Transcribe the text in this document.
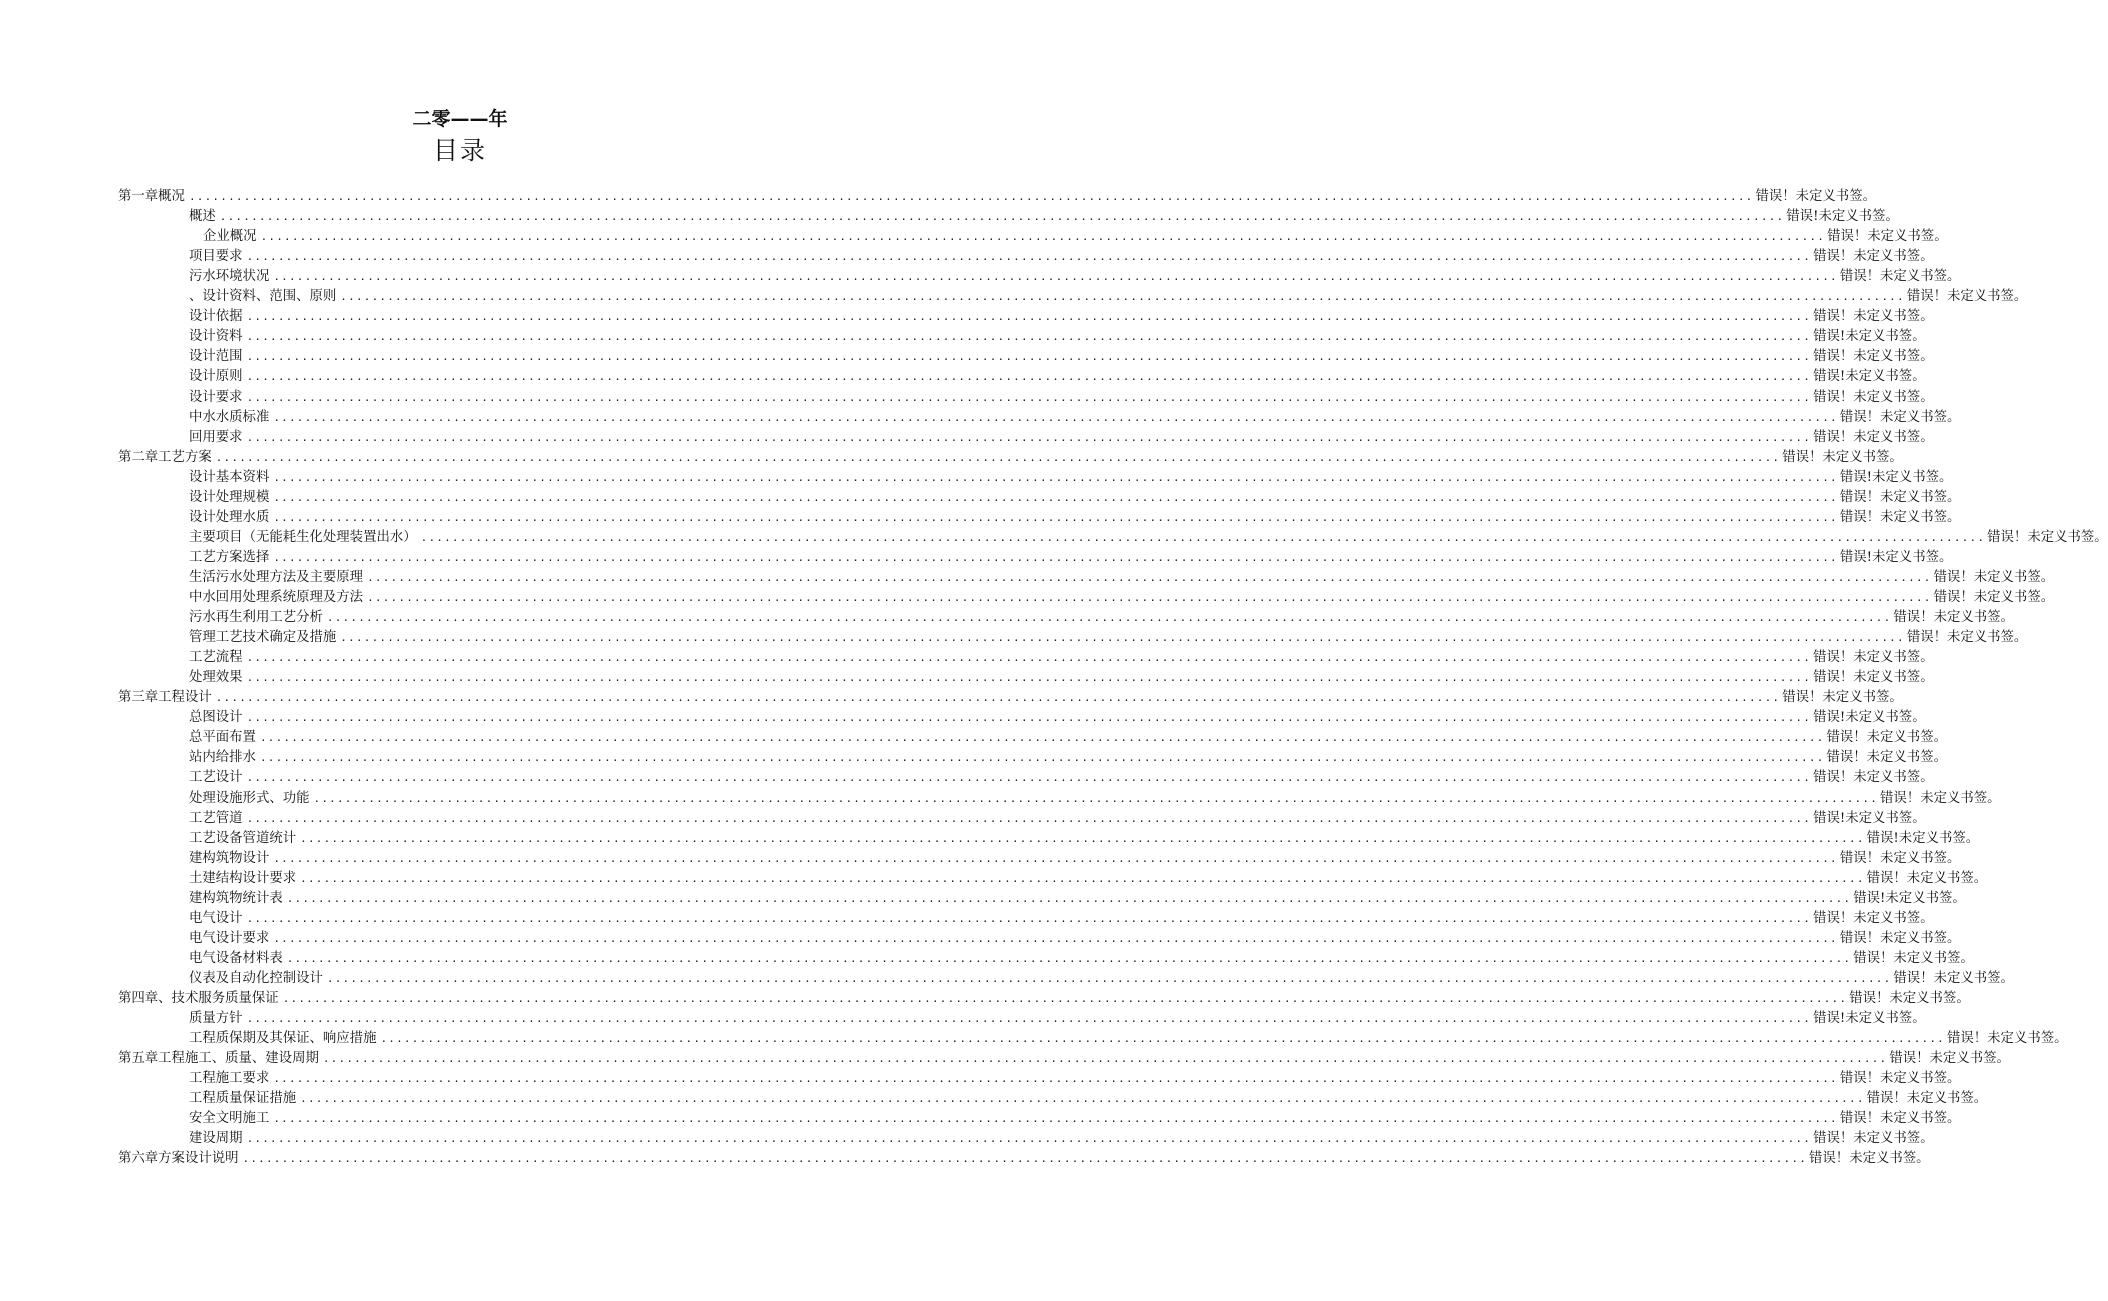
二零——年
目录
第一章概况 ........................................................................................................................................................................................................ 错误！未定义书签。
概述 ........................................................................................................................................................................................................ 错误!未定义书签。
企业概况 ........................................................................................................................................................................................................ 错误！未定义书签。
项目要求 ........................................................................................................................................................................................................ 错误！未定义书签。
污水环境状况 ........................................................................................................................................................................................................ 错误！未定义书签。
、设计资料、范围、原则 ........................................................................................................................................................................................................ 错误！未定义书签。
设计依据 ........................................................................................................................................................................................................ 错误！未定义书签。
设计资料 ........................................................................................................................................................................................................ 错误!未定义书签。
设计范围 ........................................................................................................................................................................................................ 错误！未定义书签。
设计原则 ........................................................................................................................................................................................................ 错误!未定义书签。
设计要求 ........................................................................................................................................................................................................ 错误！未定义书签。
中水水质标准 ........................................................................................................................................................................................................ 错误！未定义书签。
回用要求 ........................................................................................................................................................................................................ 错误！未定义书签。
第二章工艺方案 ........................................................................................................................................................................................................ 错误！未定义书签。
设计基本资料 ........................................................................................................................................................................................................ 错误!未定义书签。
设计处理规模 ........................................................................................................................................................................................................ 错误！未定义书签。
设计处理水质 ........................................................................................................................................................................................................ 错误！未定义书签。
主要项目（无能耗生化处理装置出水） ........................................................................................................................................................................................................ 错误！未定义书签。
工艺方案选择 ........................................................................................................................................................................................................ 错误!未定义书签。
生活污水处理方法及主要原理 ........................................................................................................................................................................................................ 错误！未定义书签。
中水回用处理系统原理及方法 ........................................................................................................................................................................................................ 错误！未定义书签。
污水再生利用工艺分析 ........................................................................................................................................................................................................ 错误！未定义书签。
管理工艺技术确定及措施 ........................................................................................................................................................................................................ 错误！未定义书签。
工艺流程 ........................................................................................................................................................................................................ 错误！未定义书签。
处理效果 ........................................................................................................................................................................................................ 错误！未定义书签。
第三章工程设计 ........................................................................................................................................................................................................ 错误！未定义书签。
总图设计 ........................................................................................................................................................................................................ 错误!未定义书签。
总平面布置 ........................................................................................................................................................................................................ 错误！未定义书签。
站内给排水 ........................................................................................................................................................................................................ 错误！未定义书签。
工艺设计 ........................................................................................................................................................................................................ 错误！未定义书签。
处理设施形式、功能 ........................................................................................................................................................................................................ 错误！未定义书签。
工艺管道 ........................................................................................................................................................................................................ 错误!未定义书签。
工艺设备管道统计 ........................................................................................................................................................................................................ 错误!未定义书签。
建构筑物设计 ........................................................................................................................................................................................................ 错误！未定义书签。
土建结构设计要求 ........................................................................................................................................................................................................ 错误！未定义书签。
建构筑物统计表 ........................................................................................................................................................................................................ 错误!未定义书签。
电气设计 ........................................................................................................................................................................................................ 错误！未定义书签。
电气设计要求 ........................................................................................................................................................................................................ 错误！未定义书签。
电气设备材料表 ........................................................................................................................................................................................................ 错误！未定义书签。
仪表及自动化控制设计 ........................................................................................................................................................................................................ 错误！未定义书签。
第四章、技术服务质量保证 ........................................................................................................................................................................................................ 错误！未定义书签。
质量方针 ........................................................................................................................................................................................................ 错误!未定义书签。
工程质保期及其保证、响应措施 ........................................................................................................................................................................................................ 错误！未定义书签。
第五章工程施工、质量、建设周期 ........................................................................................................................................................................................................ 错误！未定义书签。
工程施工要求 ........................................................................................................................................................................................................ 错误！未定义书签。
工程质量保证措施 ........................................................................................................................................................................................................ 错误！未定义书签。
安全文明施工 ........................................................................................................................................................................................................ 错误！未定义书签。
建设周期 ........................................................................................................................................................................................................ 错误！未定义书签。
第六章方案设计说明 ........................................................................................................................................................................................................ 错误！未定义书签。
